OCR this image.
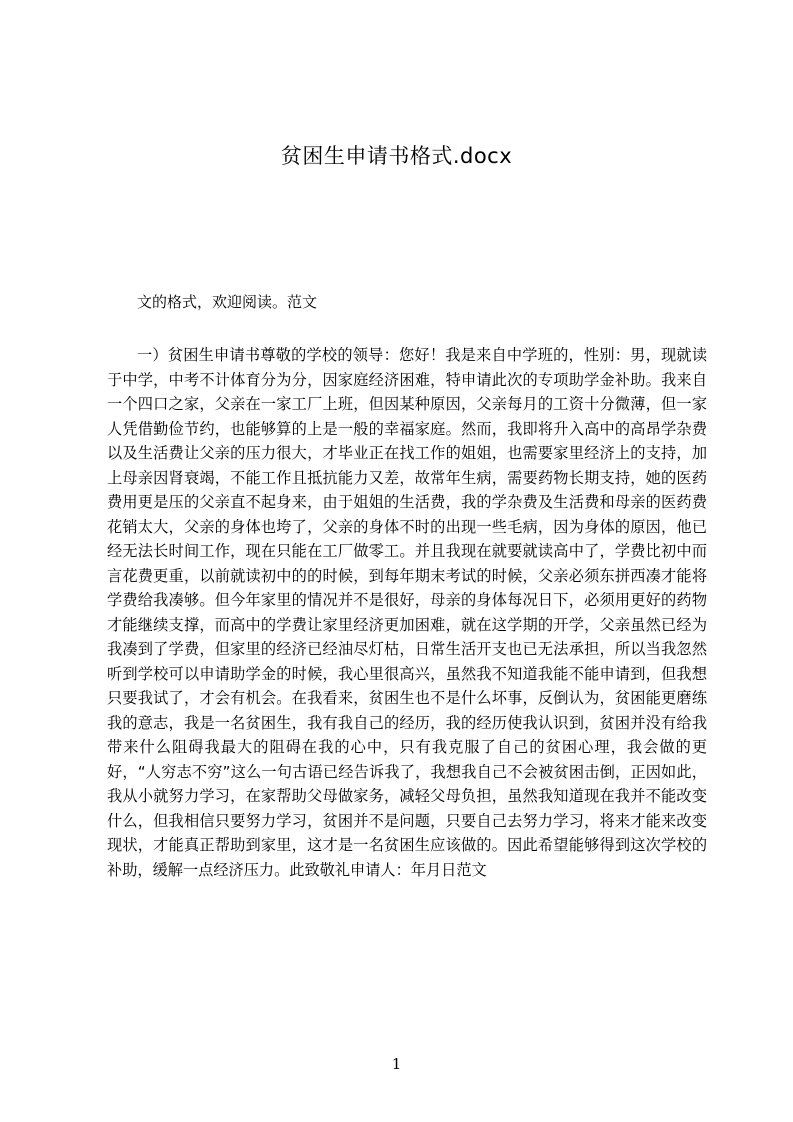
贫困生申请书格式.docx
文的格式，欢迎阅读。范文
一）贫困生申请书尊敬的学校的领导：您好！我是来自中学班的，性别：男，现就读于中学，中考不计体育分为分，因家庭经济困难，特申请此次的专项助学金补助。我来自一个四口之家，父亲在一家工厂上班，但因某种原因，父亲每月的工资十分微薄，但一家人凭借勤俭节约，也能够算的上是一般的幸福家庭。然而，我即将升入高中的高昂学杂费以及生活费让父亲的压力很大，才毕业正在找工作的姐姐，也需要家里经济上的支持，加上母亲因肾衰竭，不能工作且抵抗能力又差，故常年生病，需要药物长期支持，她的医药费用更是压的父亲直不起身来，由于姐姐的生活费，我的学杂费及生活费和母亲的医药费花销太大，父亲的身体也垮了，父亲的身体不时的出现一些毛病，因为身体的原因，他已经无法长时间工作，现在只能在工厂做零工。并且我现在就要就读高中了，学费比初中而言花费更重，以前就读初中的的时候，到每年期末考试的时候，父亲必须东拼西凑才能将学费给我凑够。但今年家里的情况并不是很好，母亲的身体每况日下，必须用更好的药物才能继续支撑，而高中的学费让家里经济更加困难，就在这学期的开学，父亲虽然已经为我凑到了学费，但家里的经济已经油尽灯枯，日常生活开支也已无法承担，所以当我忽然听到学校可以申请助学金的时候，我心里很高兴，虽然我不知道我能不能申请到，但我想只要我试了，才会有机会。在我看来，贫困生也不是什么坏事，反倒认为，贫困能更磨练我的意志，我是一名贫困生，我有我自己的经历，我的经历使我认识到，贫困并没有给我带来什么阻碍我最大的阻碍在我的心中，只有我克服了自己的贫困心理，我会做的更好，“人穷志不穷”这么一句古语已经告诉我了，我想我自己不会被贫困击倒，正因如此，我从小就努力学习，在家帮助父母做家务，减轻父母负担，虽然我知道现在我并不能改变什么，但我相信只要努力学习，贫困并不是问题，只要自己去努力学习，将来才能来改变现状，才能真正帮助到家里，这才是一名贫困生应该做的。因此希望能够得到这次学校的补助，缓解一点经济压力。此致敬礼申请人：年月日范文
1
